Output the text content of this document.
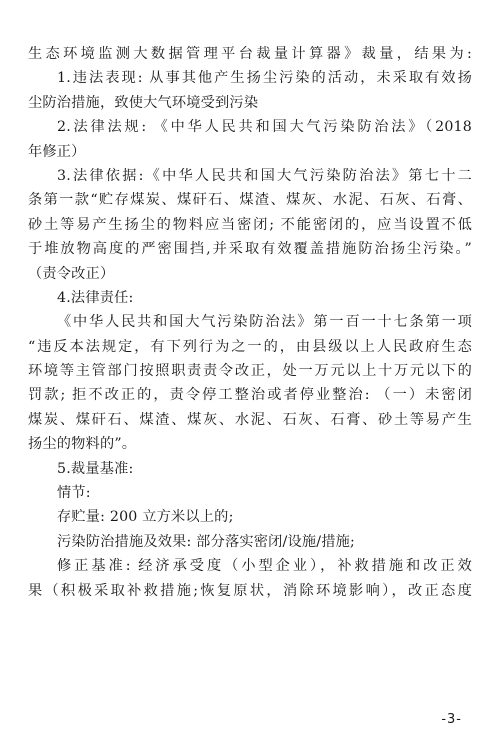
生态环境监测大数据管理平台裁量计算器》裁量，结果为:
1.违法表现: 从事其他产生扬尘污染的活动，未采取有效扬
尘防治措施，致使大气环境受到污染
2.法律法规: 《中华人民共和国大气污染防治法》（2018
年修正）
3.法律依据:《中华人民共和国大气污染防治法》第七十二
条第一款“贮存煤炭、煤矸石、煤渣、煤灰、水泥、石灰、石膏、
砂土等易产生扬尘的物料应当密闭; 不能密闭的，应当设置不低
于堆放物高度的严密围挡,并采取有效覆盖措施防治扬尘污染。”
（责令改正）
4.法律责任:
《中华人民共和国大气污染防治法》第一百一十七条第一项
“违反本法规定，有下列行为之一的，由县级以上人民政府生态
环境等主管部门按照职责责令改正，处一万元以上十万元以下的
罚款; 拒不改正的，责令停工整治或者停业整治: （一）未密闭
煤炭、煤矸石、煤渣、煤灰、水泥、石灰、石膏、砂土等易产生
扬尘的物料的”。
5.裁量基准:
情节:
存贮量: 200 立方米以上的;
污染防治措施及效果: 部分落实密闭/设施/措施;
修正基准: 经济承受度（小型企业），补救措施和改正效
果（积极采取补救措施;恢复原状，消除环境影响），改正态度
-3-
